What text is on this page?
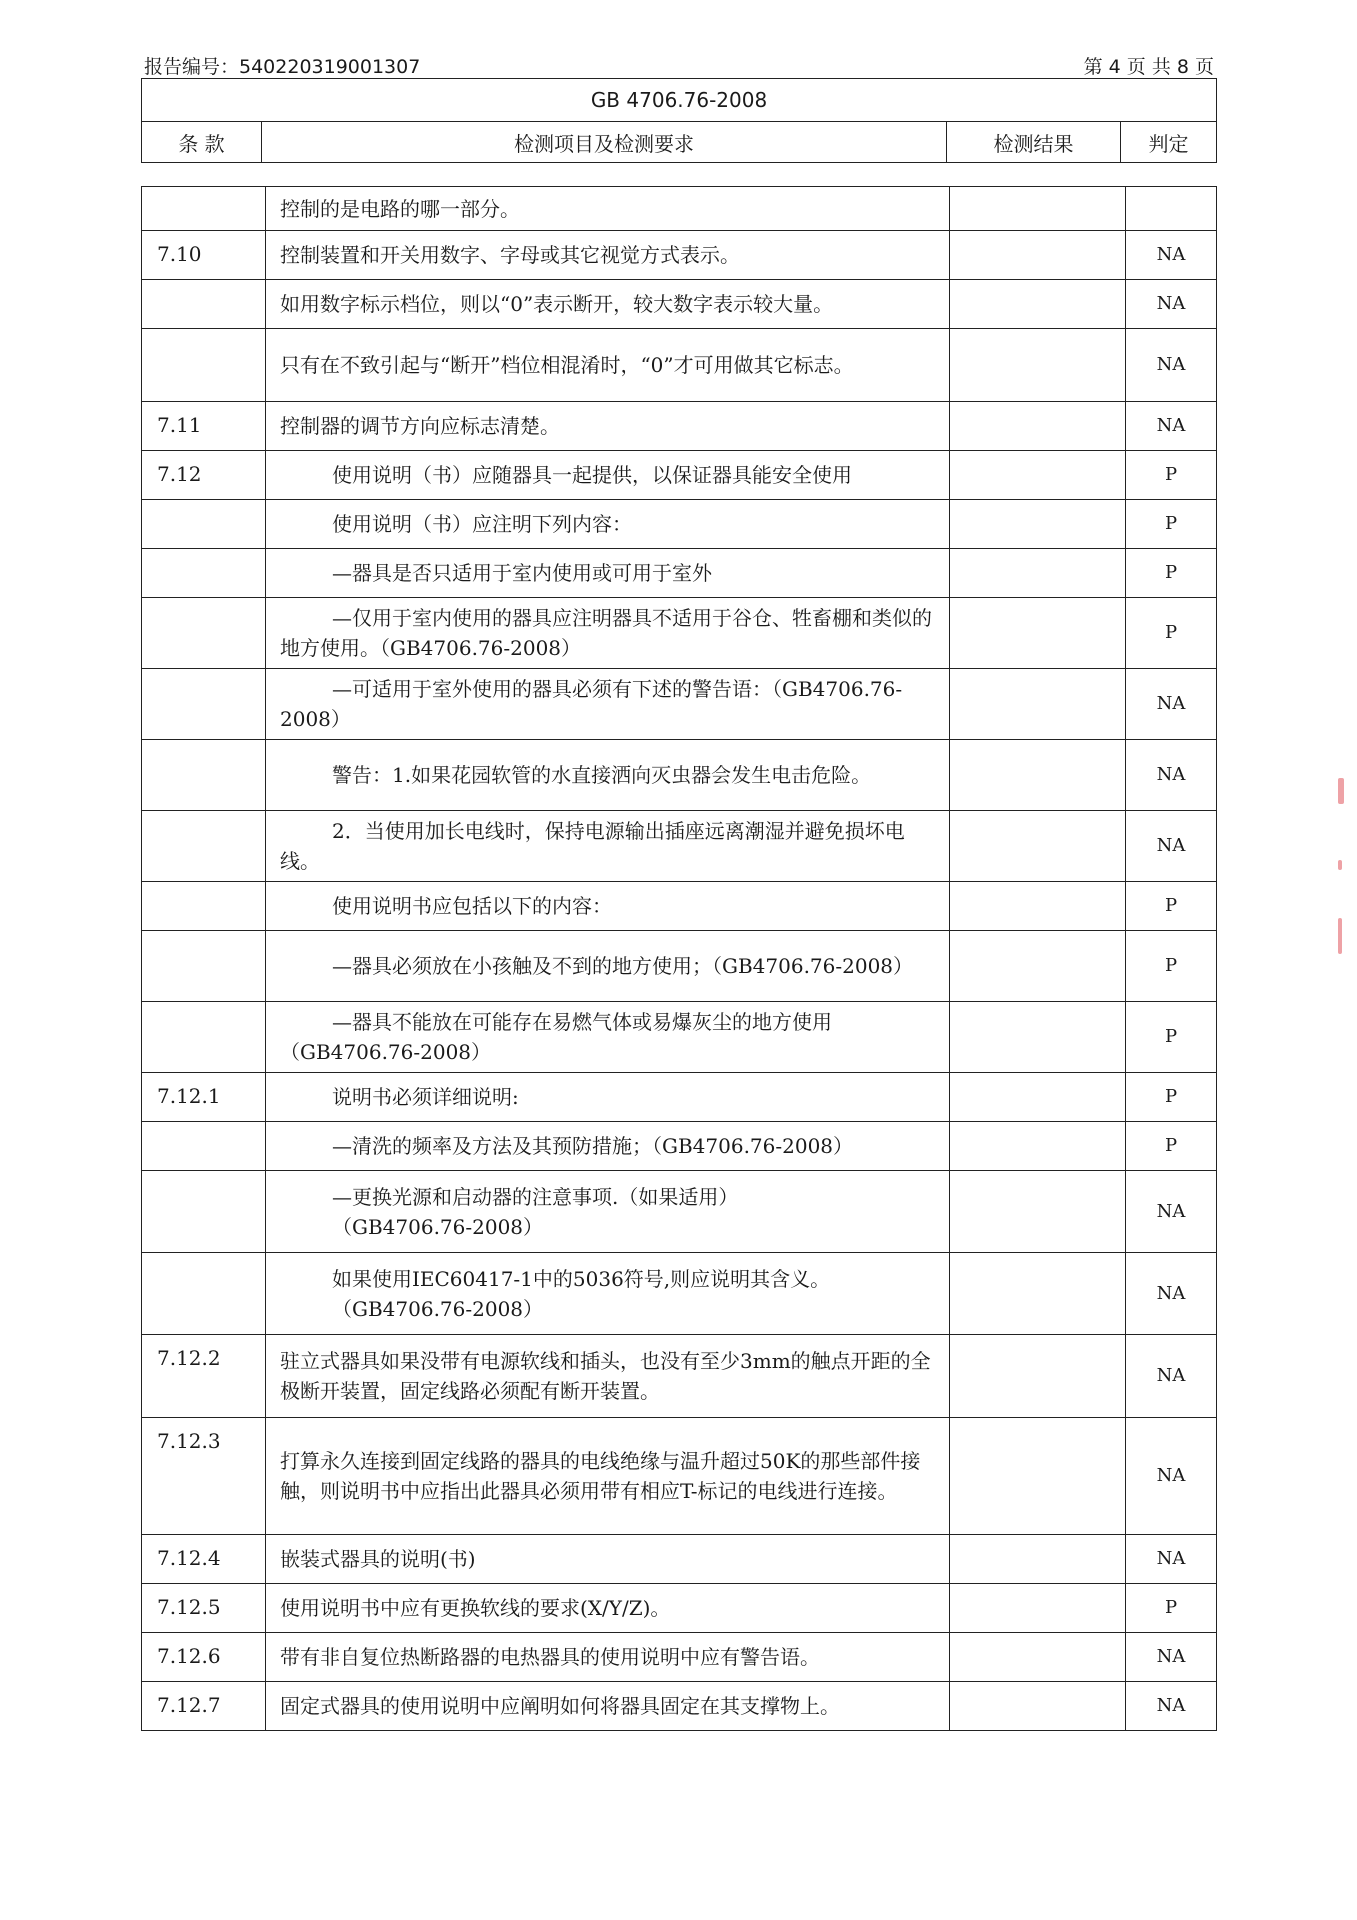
报告编号：540220319001307	第 4 页 共 8 页
GB 4706.76-2008
条 款	检测项目及检测要求	检测结果	判定

	控制的是电路的哪一部分。		

7.10	控制装置和开关用数字、字母或其它视觉方式表示。		NA

	如用数字标示档位，则以“0”表示断开，较大数字表示较大量。		NA

	只有在不致引起与“断开”档位相混淆时，“0”才可用做其它标志。		NA
7.11	控制器的调节方向应标志清楚。		NA
7.12	使用说明（书）应随器具一起提供，以保证器具能安全使用		P

	使用说明（书）应注明下列内容：		P

	—器具是否只适用于室内使用或可用于室外		P

	—仅用于室内使用的器具应注明器具不适用于谷仓、牲畜棚和类似的地方使用。（GB4706.76-2008）		P

	—可适用于室外使用的器具必须有下述的警告语：（GB4706.76-2008）		NA

	警告：1.如果花园软管的水直接洒向灭虫器会发生电击危险。		NA

	2．当使用加长电线时，保持电源输出插座远离潮湿并避免损坏电线。		NA

	使用说明书应包括以下的内容：		P

	—器具必须放在小孩触及不到的地方使用；（GB4706.76-2008）		P

	—器具不能放在可能存在易燃气体或易爆灰尘的地方使用（GB4706.76-2008）		P
7.12.1	说明书必须详细说明:		P

	—清洗的频率及方法及其预防措施；（GB4706.76-2008）		P

	—更换光源和启动器的注意事项.（如果适用）
（GB4706.76-2008）		NA

	如果使用IEC60417-1中的5036符号,则应说明其含义。
（GB4706.76-2008）		NA
7.12.2	驻立式器具如果没带有电源软线和插头，也没有至少3mm的触点开距的全极断开装置，固定线路必须配有断开装置。		NA
7.12.3	打算永久连接到固定线路的器具的电线绝缘与温升超过50K的那些部件接触，则说明书中应指出此器具必须用带有相应T-标记的电线进行连接。		NA
7.12.4	嵌装式器具的说明(书)		NA
7.12.5	使用说明书中应有更换软线的要求(X/Y/Z)。		P
7.12.6	带有非自复位热断路器的电热器具的使用说明中应有警告语。		NA
7.12.7	固定式器具的使用说明中应阐明如何将器具固定在其支撑物上。		NA
